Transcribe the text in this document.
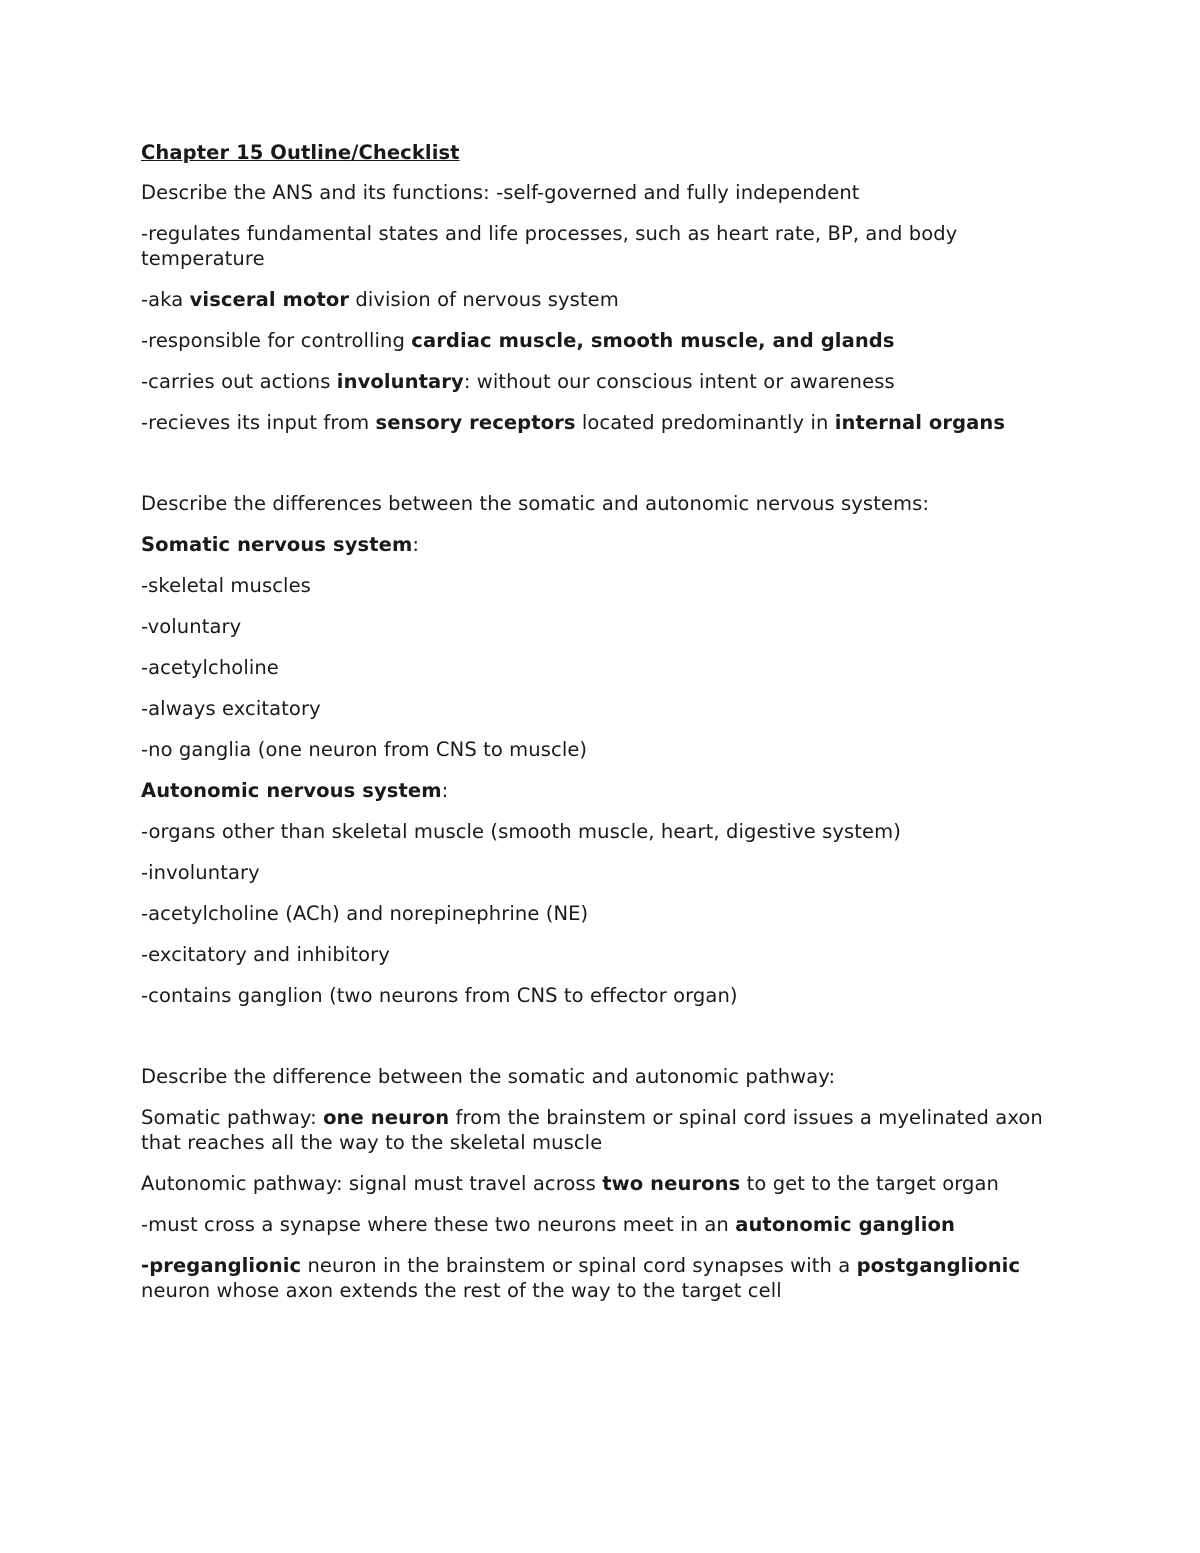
Chapter 15 Outline/Checklist
Describe the ANS and its functions: -self-governed and fully independent
-regulates fundamental states and life processes, such as heart rate, BP, and body temperature
-aka visceral motor division of nervous system
-responsible for controlling cardiac muscle, smooth muscle, and glands
-carries out actions involuntary: without our conscious intent or awareness
-recieves its input from sensory receptors located predominantly in internal organs
Describe the differences between the somatic and autonomic nervous systems:
Somatic nervous system:
-skeletal muscles
-voluntary
-acetylcholine
-always excitatory
-no ganglia (one neuron from CNS to muscle)
Autonomic nervous system:
-organs other than skeletal muscle (smooth muscle, heart, digestive system)
-involuntary
-acetylcholine (ACh) and norepinephrine (NE)
-excitatory and inhibitory
-contains ganglion (two neurons from CNS to effector organ)
Describe the difference between the somatic and autonomic pathway:
Somatic pathway: one neuron from the brainstem or spinal cord issues a myelinated axon that reaches all the way to the skeletal muscle
Autonomic pathway: signal must travel across two neurons to get to the target organ
-must cross a synapse where these two neurons meet in an autonomic ganglion
-preganglionic neuron in the brainstem or spinal cord synapses with a postganglionic neuron whose axon extends the rest of the way to the target cell
